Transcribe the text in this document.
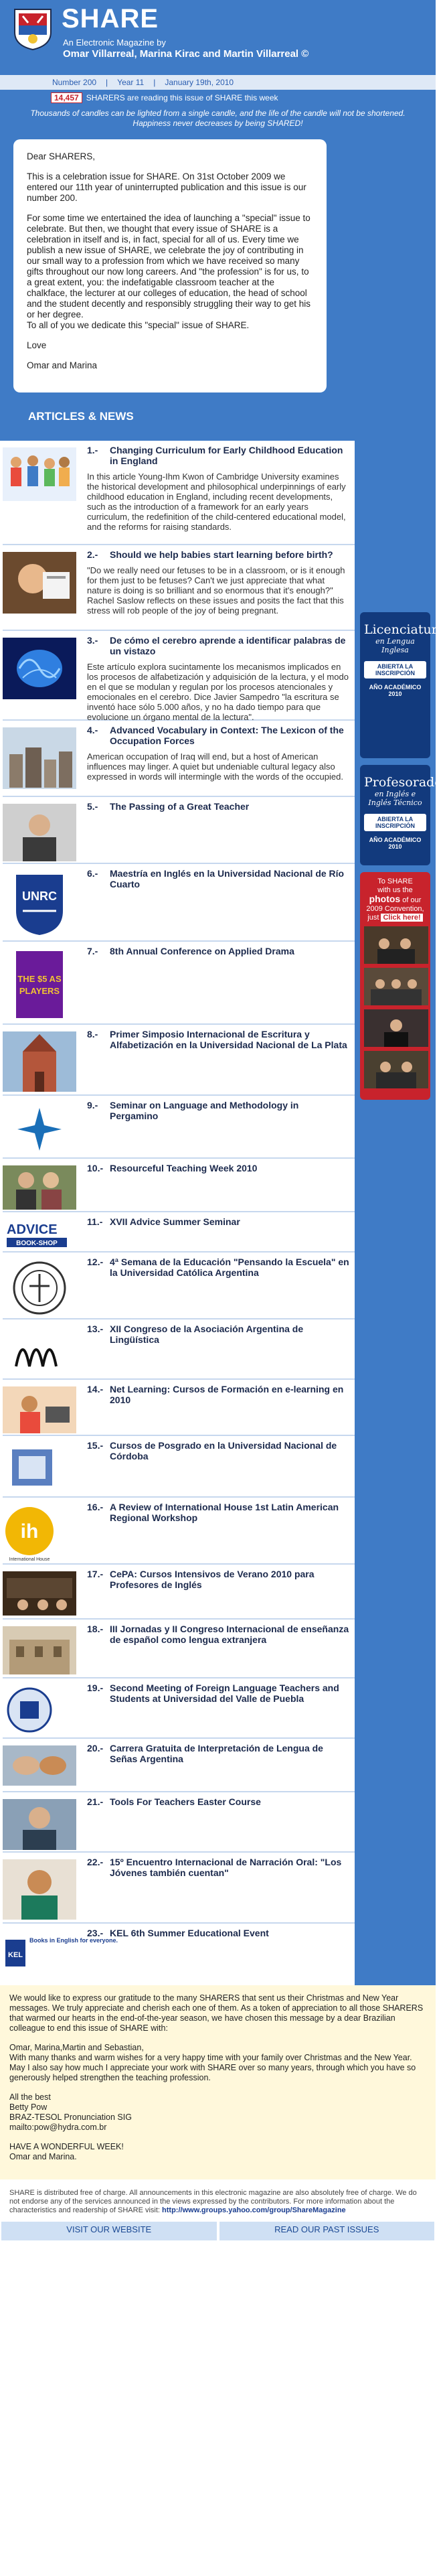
SHARE
An Electronic Magazine by
Omar Villarreal, Marina Kirac and Martin Villarreal ©
Number 200 | Year 11 | January 19th, 2010
14,457 SHARERS are reading this issue of SHARE this week
Thousands of candles can be lighted from a single candle, and the life of the candle will not be shortened. Happiness never decreases by being SHARED!

Dear SHARERS,

This is a celebration issue for SHARE. On 31st October 2009 we entered our 11th year of uninterrupted publication and this issue is our number 200.

For some time we entertained the idea of launching a "special" issue to celebrate. But then, we thought that every issue of SHARE is a celebration in itself and is, in fact, special for all of us. Every time we publish a new issue of SHARE, we celebrate the joy of contributing in our small way to a profession from which we have received so many gifts throughout our now long careers. And "the profession" is for us, to a great extent, you: the indefatigable classroom teacher at the chalkface, the lecturer at our colleges of education, the head of school and the student decently and responsibly struggling their way to get his or her degree.
To all of you we dedicate this "special" issue of SHARE.

Love

Omar and Marina

ARTICLES & NEWS
1.-	Changing Curriculum for Early Childhood Education in England
In this article Young-Ihm Kwon of Cambridge University examines the historical development and philosophical underpinnings of early childhood education in England, including recent developments, such as the introduction of a framework for an early years curriculum, the redefinition of the child-centered educational model, and the reforms for raising standards.
2.-	Should we help babies start learning before birth?
"Do we really need our fetuses to be in a classroom, or is it enough for them just to be fetuses? Can't we just appreciate that what nature is doing is so brilliant and so enormous that it's enough?" Rachel Saslow reflects on these issues and posits the fact that this stress will rob people of the joy of being pregnant.
3.-	De cómo el cerebro aprende a identificar palabras de un vistazo
Este artículo explora sucintamente los mecanismos implicados en los procesos de alfabetización y adquisición de la lectura, y el modo en el que se modulan y regulan por los procesos atencionales y emocionales en el cerebro. Dice Javier Sampedro "la escritura se inventó hace sólo 5.000 años, y no ha dado tiempo para que evolucione un órgano mental de la lectura".
4.-	Advanced Vocabulary in Context: The Lexicon of the Occupation Forces
American occupation of Iraq will end, but a host of American influences may linger. A quiet but undeniable cultural legacy also expressed in words will intermingle with the words of the occupied.
5.-	The Passing of a Great Teacher
UNRC
6.-	Maestría en Inglés en la Universidad Nacional de Río Cuarto
THE $5 AS
PLAYERS
7.-	8th Annual Conference on Applied Drama
8.-	Primer Simposio Internacional de Escritura y Alfabetización en la Universidad Nacional de La Plata
9.-	Seminar on Language and Methodology in Pergamino
10.- Resourceful Teaching Week 2010
ADVICE
BOOK-SHOP
11.- XVII Advice Summer Seminar
12.- 4ª Semana de la Educación "Pensando la Escuela" en la Universidad Católica Argentina
13.- XII Congreso de la Asociación Argentina de Lingüística
14.- Net Learning: Cursos de Formación en e-learning en 2010
15.- Cursos de Posgrado en la Universidad Nacional de Córdoba
ih
International House
16.- A Review of International House 1st Latin American Regional Workshop
17.- CePA: Cursos Intensivos de Verano 2010 para Profesores de Inglés
18.- III Jornadas y II Congreso Internacional de enseñanza de español como lengua extranjera
19.- Second Meeting of Foreign Language Teachers and Students at Universidad del Valle de Puebla
20.- Carrera Gratuita de Interpretación de Lengua de Señas Argentina
21.- Tools For Teachers Easter Course
22.- 15º Encuentro Internacional de Narración Oral: "Los Jóvenes también cuentan"
KEL
Books in English for everyone.
23.- KEL 6th Summer Educational Event
Licenciatura
en Lengua Inglesa
ABIERTA LA INSCRIPCIÓN
AÑO ACADÉMICO 2010
Profesorado
en Inglés e Inglés Técnico
ABIERTA LA INSCRIPCIÓN
AÑO ACADÉMICO 2010
To SHARE
with us the
photos of our
2009 Convention,
just Click here!

We would like to express our gratitude to the many SHARERS that sent us their Christmas and New Year messages. We truly appreciate and cherish each one of them. As a token of appreciation to all those SHARERS that warmed our hearts in the end-of-the-year season, we have chosen this message by a dear Brazilian colleague to end this issue of SHARE with:

Omar, Marina,Martin and Sebastian,
With many thanks and warm wishes for a very happy time with your family over Christmas and the New Year.
May I also say how much I appreciate your work with SHARE over so many years, through which you have so generously helped strengthen the teaching profession.

All the best
Betty Pow
BRAZ-TESOL Pronunciation SIG
mailto:pow@hydra.com.br

HAVE A WONDERFUL WEEK!
Omar and Marina.

SHARE is distributed free of charge. All announcements in this electronic magazine are also absolutely free of charge. We do not endorse any of the services announced in the views expressed by the contributors. For more information about the characteristics and readership of SHARE visit: http://www.groups.yahoo.com/group/ShareMagazine
VISIT OUR WEBSITE	READ OUR PAST ISSUES
